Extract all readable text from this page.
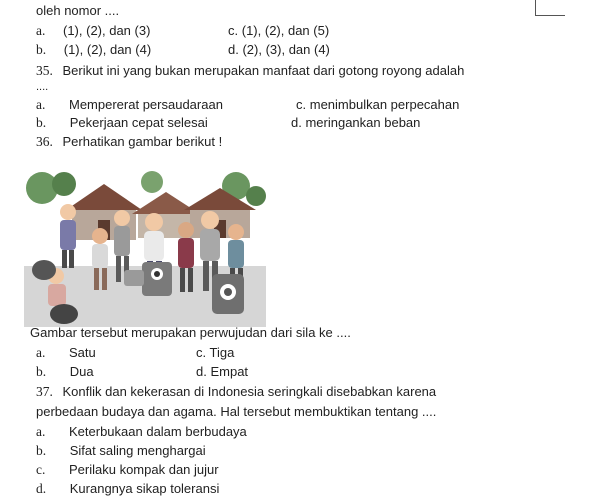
oleh nomor ....
a. (1), (2), dan (3)	c. (1), (2), dan (5)
b. (1), (2), dan (4)	d. (2), (3), dan (4)
35. Berikut ini yang bukan merupakan manfaat dari gotong royong adalah
....
a. Mempererat persaudaraan	c. menimbulkan perpecahan
b. Pekerjaan cepat selesai	d. meringankan beban
36. Perhatikan gambar berikut !
Gambar tersebut merupakan perwujudan dari sila ke ....
a. Satu	c. Tiga
b. Dua	d. Empat
37. Konflik dan kekerasan di Indonesia seringkali disebabkan karena
perbedaan budaya dan agama. Hal tersebut membuktikan tentang ....
a. Keterbukaan dalam berbudaya
b. Sifat saling menghargai
c. Perilaku kompak dan jujur
d. Kurangnya sikap toleransi
